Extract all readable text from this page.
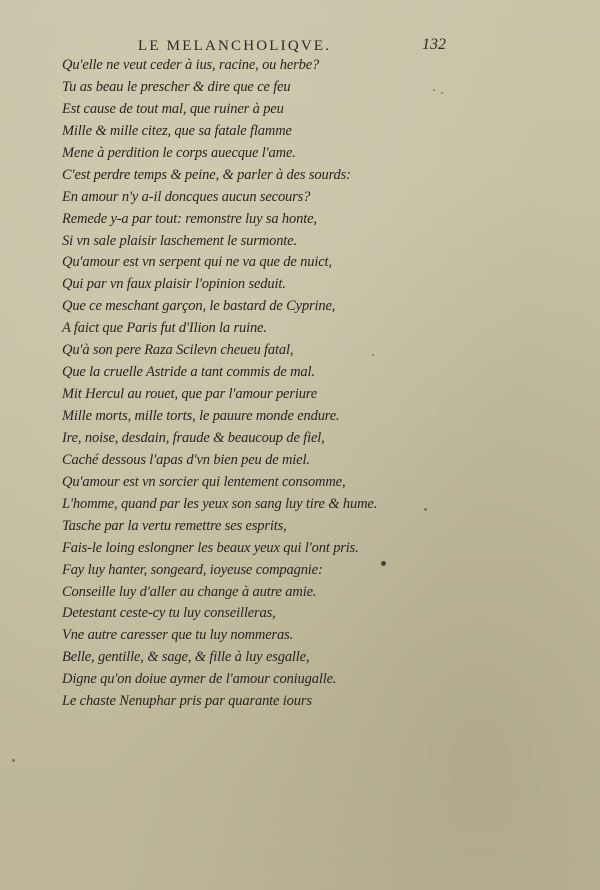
LE MELANCHOLIQVE.	132
Qu'elle ne veut ceder à ius, racine, ou herbe?
Tu as beau le prescher & dire que ce feu
Est cause de tout mal, que ruiner à peu
Mille & mille citez, que sa fatale flamme
Mene à perdition le corps auecque l'ame.
C'est perdre temps & peine, & parler à des sourds:
En amour n'y a-il doncques aucun secours?
Remede y-a par tout: remonstre luy sa honte,
Si vn sale plaisir laschement le surmonte.
Qu'amour est vn serpent qui ne va que de nuict,
Qui par vn faux plaisir l'opinion seduit.
Que ce meschant garçon, le bastard de Cyprine,
A faict que Paris fut d'Ilion la ruine.
Qu'à son pere Raza Scilevn cheueu fatal,
Que la cruelle Astride a tant commis de mal.
Mit Hercul au rouet, que par l'amour periure
Mille morts, mille torts, le pauure monde endure.
Ire, noise, desdain, fraude & beaucoup de fiel,
Caché dessous l'apas d'vn bien peu de miel.
Qu'amour est vn sorcier qui lentement consomme,
L'homme, quand par les yeux son sang luy tire & hume.
Tasche par la vertu remettre ses esprits,
Fais-le loing eslongner les beaux yeux qui l'ont pris.
Fay luy hanter, songeard, ioyeuse compagnie:
Conseille luy d'aller au change à autre amie.
Detestant ceste-cy tu luy conseilleras,
Vne autre caresser que tu luy nommeras.
Belle, gentille, & sage, & fille à luy esgalle,
Digne qu'on doiue aymer de l'amour coniugalle.
Le chaste Nenuphar pris par quarante iours
